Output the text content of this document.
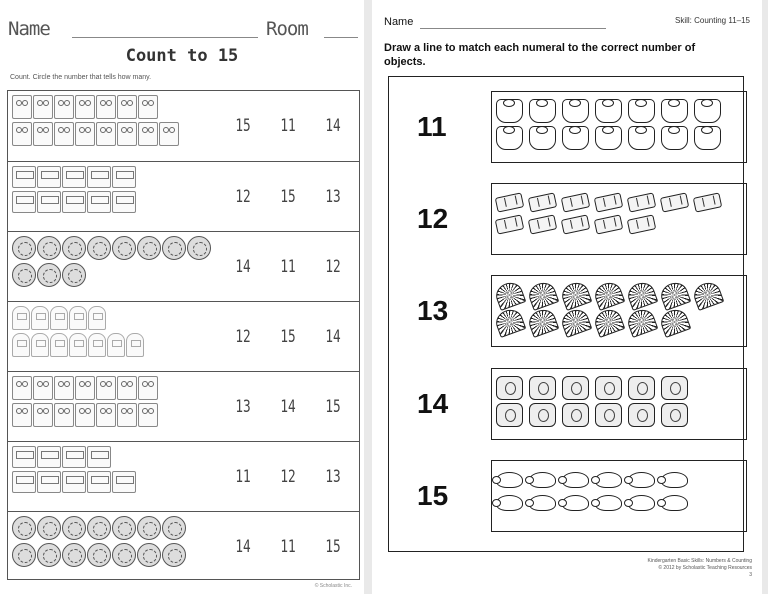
Name	Room
Count to 15
Count. Circle the number that tells how many.
15	11	14
12	15	13
14	11	12
12	15	14
13	14	15
11	12	13
14	11	15
© Scholastic Inc.
Name	Skill: Counting 11–15
Draw a line to match each numeral to the correct number of objects.
11
12
13
14
15
Kindergarten Basic Skills: Numbers & Counting
© 2012 by Scholastic Teaching Resources
3
